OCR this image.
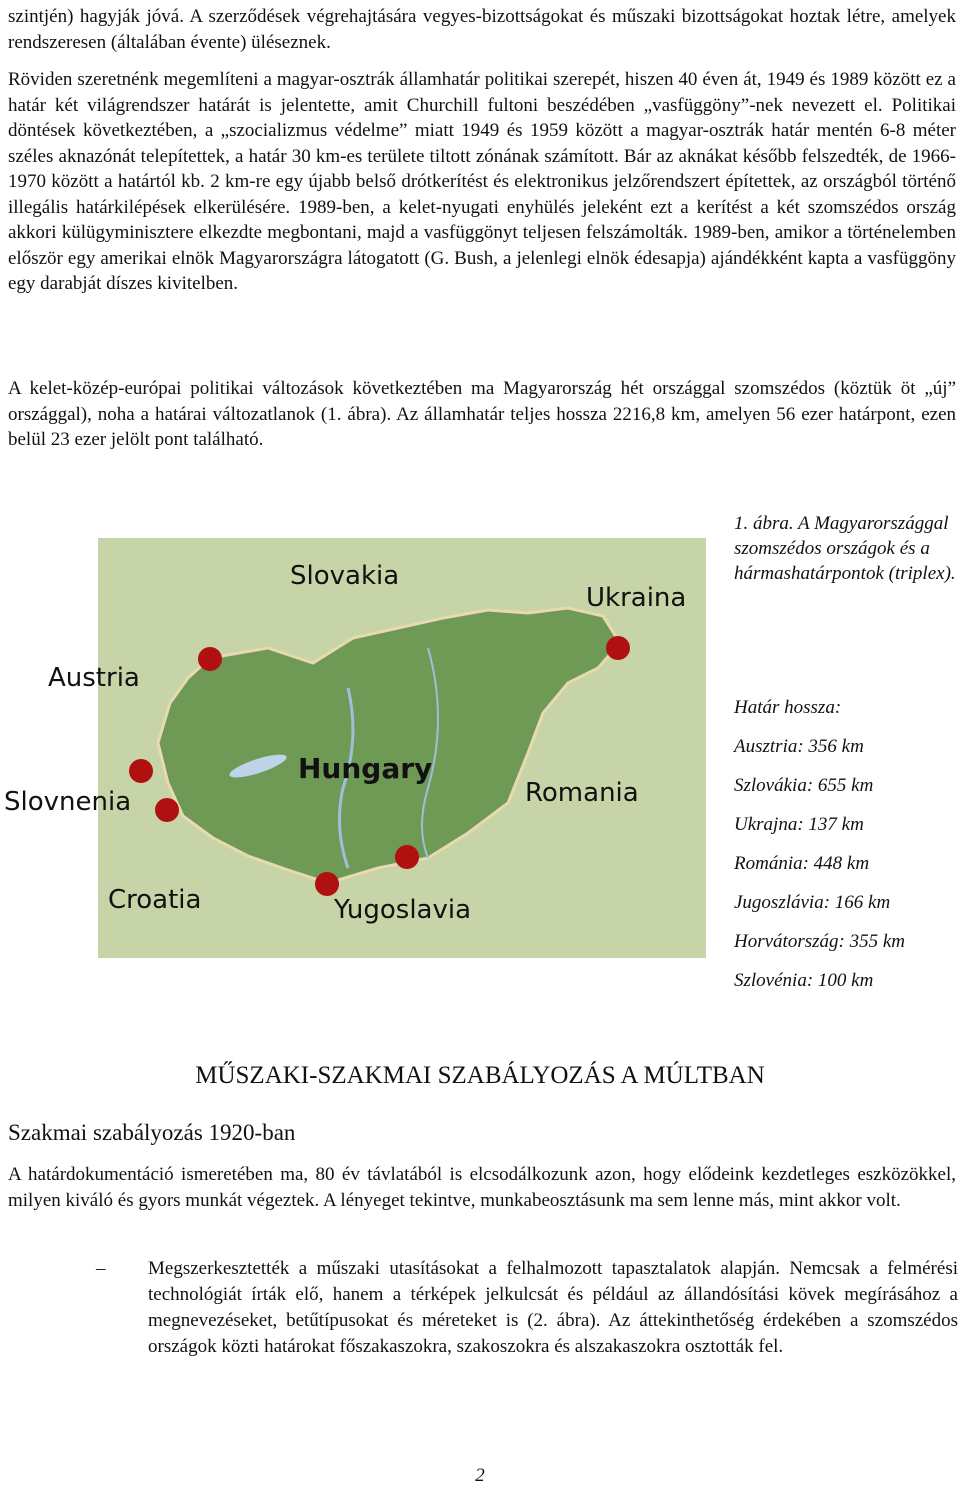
szintjén) hagyják jóvá. A szerződések végrehajtására vegyes-bizottságokat és műszaki bizottságokat hoztak létre, amelyek rendszeresen (általában évente) üléseznek.

Röviden szeretnénk megemlíteni a magyar-osztrák államhatár politikai szerepét, hiszen 40 éven át, 1949 és 1989 között ez a határ két világrendszer határát is jelentette, amit Churchill fultoni beszédében „vasfüggöny”-nek nevezett el. Politikai döntések következtében, a „szocializmus védelme” miatt 1949 és 1959 között a magyar-osztrák határ mentén 6-8 méter széles aknazónát telepítettek, a határ 30 km-es területe tiltott zónának számított. Bár az aknákat később felszedték, de 1966-1970 között a határtól kb. 2 km-re egy újabb belső drótkerítést és elektronikus jelzőrendszert építettek, az országból történő illegális határkilépések elkerülésére. 1989-ben, a kelet-nyugati enyhülés jeleként ezt a kerítést a két szomszédos ország akkori külügyminisztere elkezdte megbontani, majd a vasfüggönyt teljesen felszámolták. 1989-ben, amikor a történelemben először egy amerikai elnök Magyarországra látogatott (G. Bush, a jelenlegi elnök édesapja) ajándékként kapta a vasfüggöny egy darabját díszes kivitelben.

A kelet-közép-európai politikai változások következtében ma Magyarország hét országgal szomszédos (köztük öt „új” országgal), noha a határai változatlanok (1. ábra). Az államhatár teljes hossza 2216,8 km, amelyen 56 ezer határpont, ezen belül 23 ezer jelölt pont található.

Slovakia
Ukraina
Austria
Slovnenia
Hungary
Romania
Croatia	Yugoslavia

1. ábra. A Magyarországgal szomszédos országok és a hármashatárpontok (triplex).

Határ hossza:
Ausztria: 356 km
Szlovákia: 655 km
Ukrajna: 137 km
Románia: 448 km
Jugoszlávia: 166 km
Horvátország: 355 km
Szlovénia: 100 km
MŰSZAKI-SZAKMAI SZABÁLYOZÁS A MÚLTBAN
Szakmai szabályozás 1920-ban

A határdokumentáció ismeretében ma, 80 év távlatából is elcsodálkozunk azon, hogy elődeink kezdetleges eszközökkel, milyen kiváló és gyors munkát végeztek. A lényeget tekintve, munkabeosztásunk ma sem lenne más, mint akkor volt.

–	Megszerkesztették a műszaki utasításokat a felhalmozott tapasztalatok alapján. Nemcsak a felmérési technológiát írták elő, hanem a térképek jelkulcsát és például az állandósítási kövek megírásához a megnevezéseket, betűtípusokat és méreteket is (2. ábra). Az áttekinthetőség érdekében a szomszédos országok közti határokat főszakaszokra, szakoszokra és alszakaszokra osztották fel.

2
